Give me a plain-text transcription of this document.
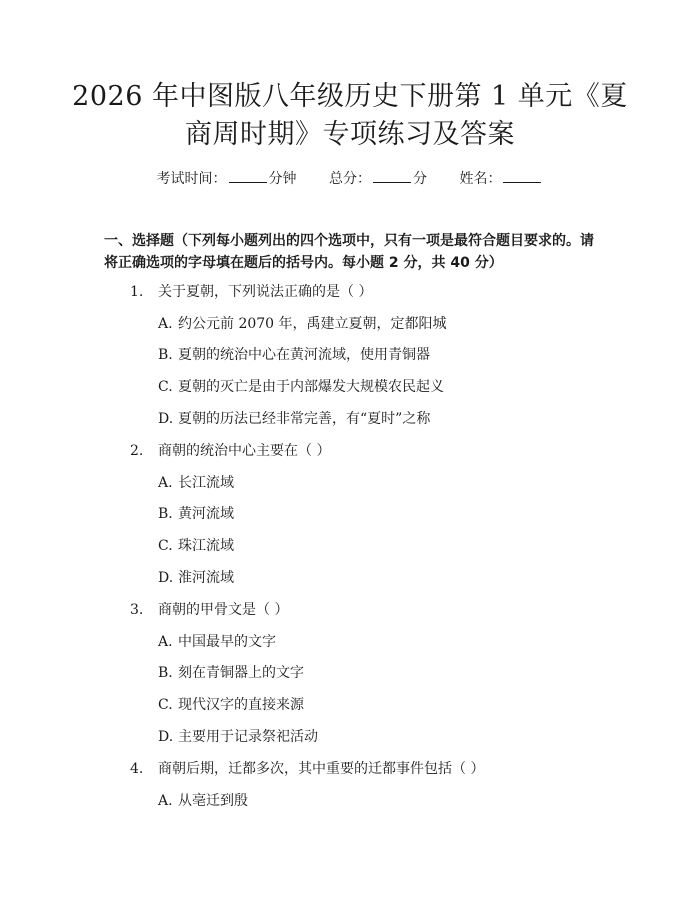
2026 年中图版八年级历史下册第 1 单元《夏
商周时期》专项练习及答案
考试时间：	分钟 总分：	分 姓名：

一、选择题（下列每小题列出的四个选项中，只有一项是最符合题目要求的。请将正确选项的字母填在题后的括号内。每小题 2 分，共 40 分）

1. 关于夏朝，下列说法正确的是（ ）
A. 约公元前 2070 年，禹建立夏朝，定都阳城
B. 夏朝的统治中心在黄河流域，使用青铜器
C. 夏朝的灭亡是由于内部爆发大规模农民起义
D. 夏朝的历法已经非常完善，有“夏时”之称
2. 商朝的统治中心主要在（ ）
A. 长江流域
B. 黄河流域
C. 珠江流域
D. 淮河流域
3. 商朝的甲骨文是（ ）
A. 中国最早的文字
B. 刻在青铜器上的文字
C. 现代汉字的直接来源
D. 主要用于记录祭祀活动
4. 商朝后期，迁都多次，其中重要的迁都事件包括（ ）
A. 从亳迁到殷
